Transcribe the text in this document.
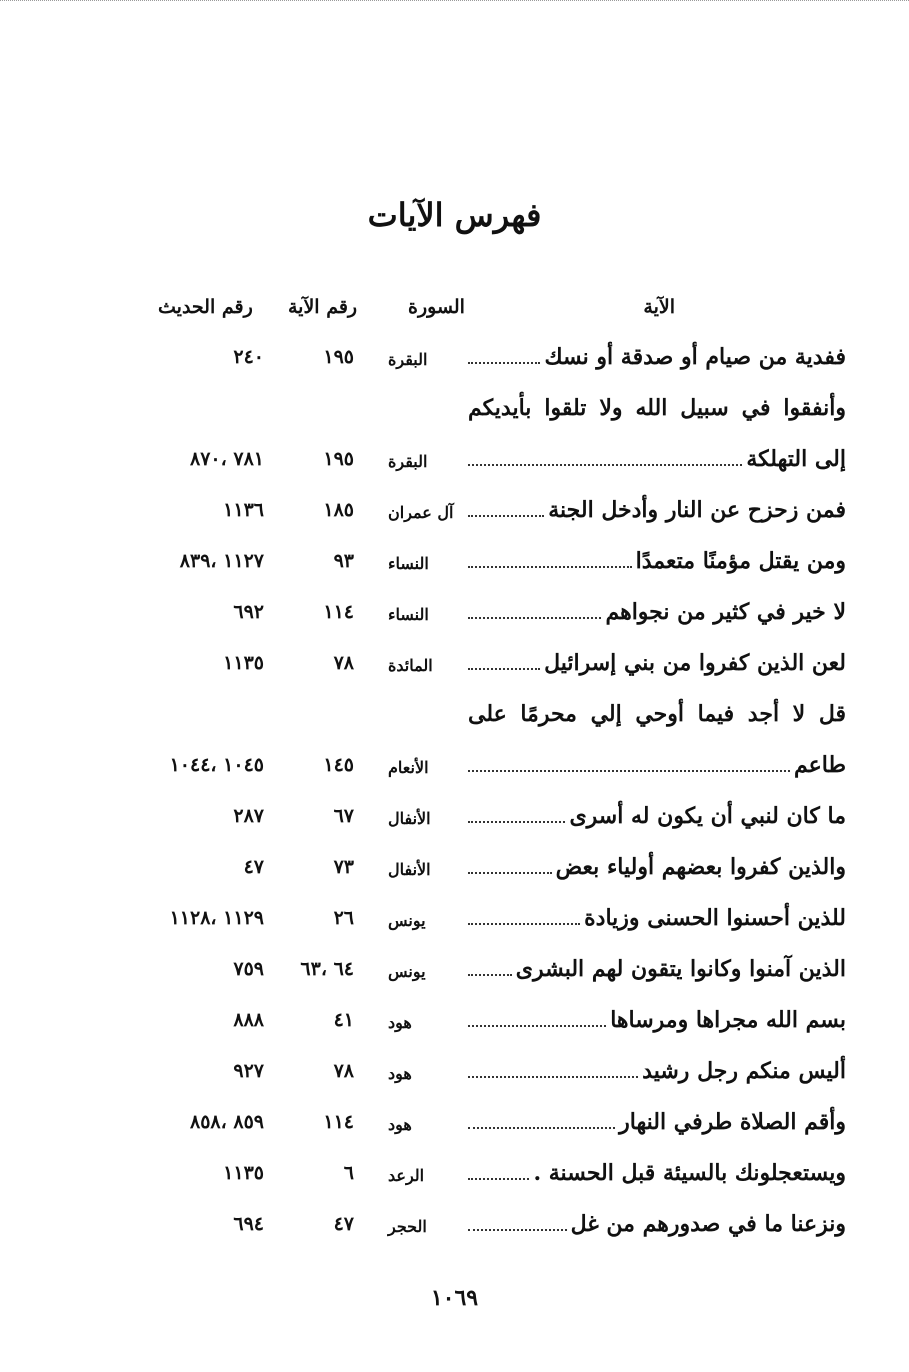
فهرس الآيات
الآية
السورة
رقم الآية
رقم الحديث
ففدية من صيام أو صدقة أو نسك
البقرة
١٩٥
٢٤٠
وأنفقوا في سبيل الله ولا تلقوا بأيديكم
إلى التهلكة
البقرة
١٩٥
٧٨١ ،٨٧٠
فمن زحزح عن النار وأدخل الجنة
آل عمران
١٨٥
١١٣٦
ومن يقتل مؤمنًا متعمدًا
النساء
٩٣
١١٢٧ ،٨٣٩
لا خير في كثير من نجواهم
النساء
١١٤
٦٩٢
لعن الذين كفروا من بني إسرائيل
المائدة
٧٨
١١٣٥
قل لا أجد فيما أوحي إلي محرمًا على
طاعم
الأنعام
١٤٥
١٠٤٥ ،١٠٤٤
ما كان لنبي أن يكون له أسرى
الأنفال
٦٧
٢٨٧
والذين كفروا بعضهم أولياء بعض
الأنفال
٧٣
٤٧
للذين أحسنوا الحسنى وزيادة
يونس
٢٦
١١٢٩ ،١١٢٨
الذين آمنوا وكانوا يتقون لهم البشرى
يونس
٦٤ ،٦٣
٧٥٩
بسم الله مجراها ومرساها
هود
٤١
٨٨٨
أليس منكم رجل رشيد
هود
٧٨
٩٢٧
وأقم الصلاة طرفي النهار
هود
١١٤
٨٥٩ ،٨٥٨
ويستعجلونك بالسيئة قبل الحسنة .
الرعد
٦
١١٣٥
ونزعنا ما في صدورهم من غل
الحجر
٤٧
٦٩٤
١٠٦٩
